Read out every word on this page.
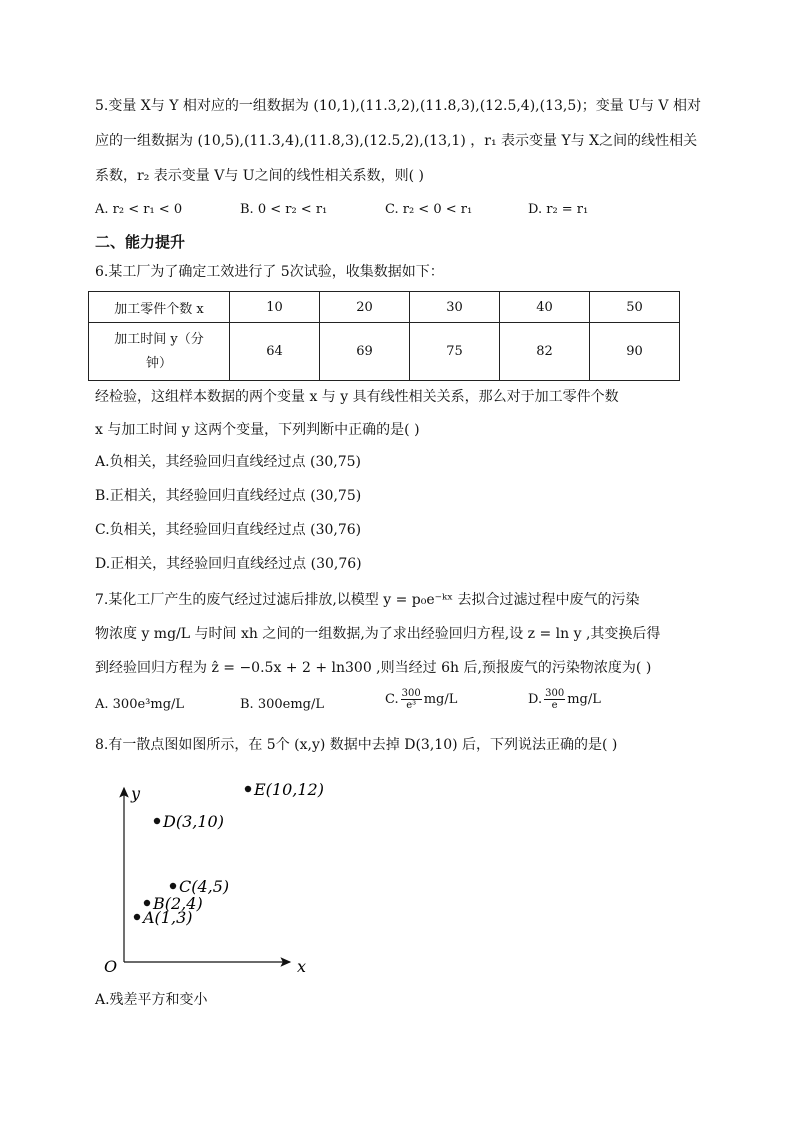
5.变量 X与 Y 相对应的一组数据为 (10,1),(11.3,2),(11.8,3),(12.5,4),(13,5)；变量 U与 V 相对
应的一组数据为 (10,5),(11.3,4),(11.8,3),(12.5,2),(13,1) ，r₁ 表示变量 Y与 X之间的线性相关
系数，r₂ 表示变量 V与 U之间的线性相关系数，则( )
A. r₂ < r₁ < 0	B. 0 < r₂ < r₁	C. r₂ < 0 < r₁	D. r₂ = r₁
二、能力提升
6.某工厂为了确定工效进行了 5次试验，收集数据如下：
加工零件个数 x	10	20	30	40	50
加工时间 y（分
钟）	64	69	75	82	90
经检验，这组样本数据的两个变量 x 与 y 具有线性相关关系，那么对于加工零件个数
x 与加工时间 y 这两个变量，下列判断中正确的是( )
A.负相关，其经验回归直线经过点 (30,75)
B.正相关，其经验回归直线经过点 (30,75)
C.负相关，其经验回归直线经过点 (30,76)
D.正相关，其经验回归直线经过点 (30,76)
7.某化工厂产生的废气经过过滤后排放,以模型 y = p₀e⁻ᵏˣ 去拟合过滤过程中废气的污染
物浓度 y mg/L 与时间 xh 之间的一组数据,为了求出经验回归方程,设 z = ln y ,其变换后得
到经验回归方程为 ẑ = −0.5x + 2 + ln300 ,则当经过 6h 后,预报废气的污染物浓度为( )
A. 300e³mg/L	B. 300emg/L	C. $\frac{300}{\text{e³}} mg/L$	D. $\frac{300}{e} mg/L$
8.有一散点图如图所示，在 5个 (x,y) 数据中去掉 D(3,10) 后，下列说法正确的是( )
y
x
O
A(1,3)
B(2,4)
C(4,5)
D(3,10)
E(10,12)
A.残差平方和变小
